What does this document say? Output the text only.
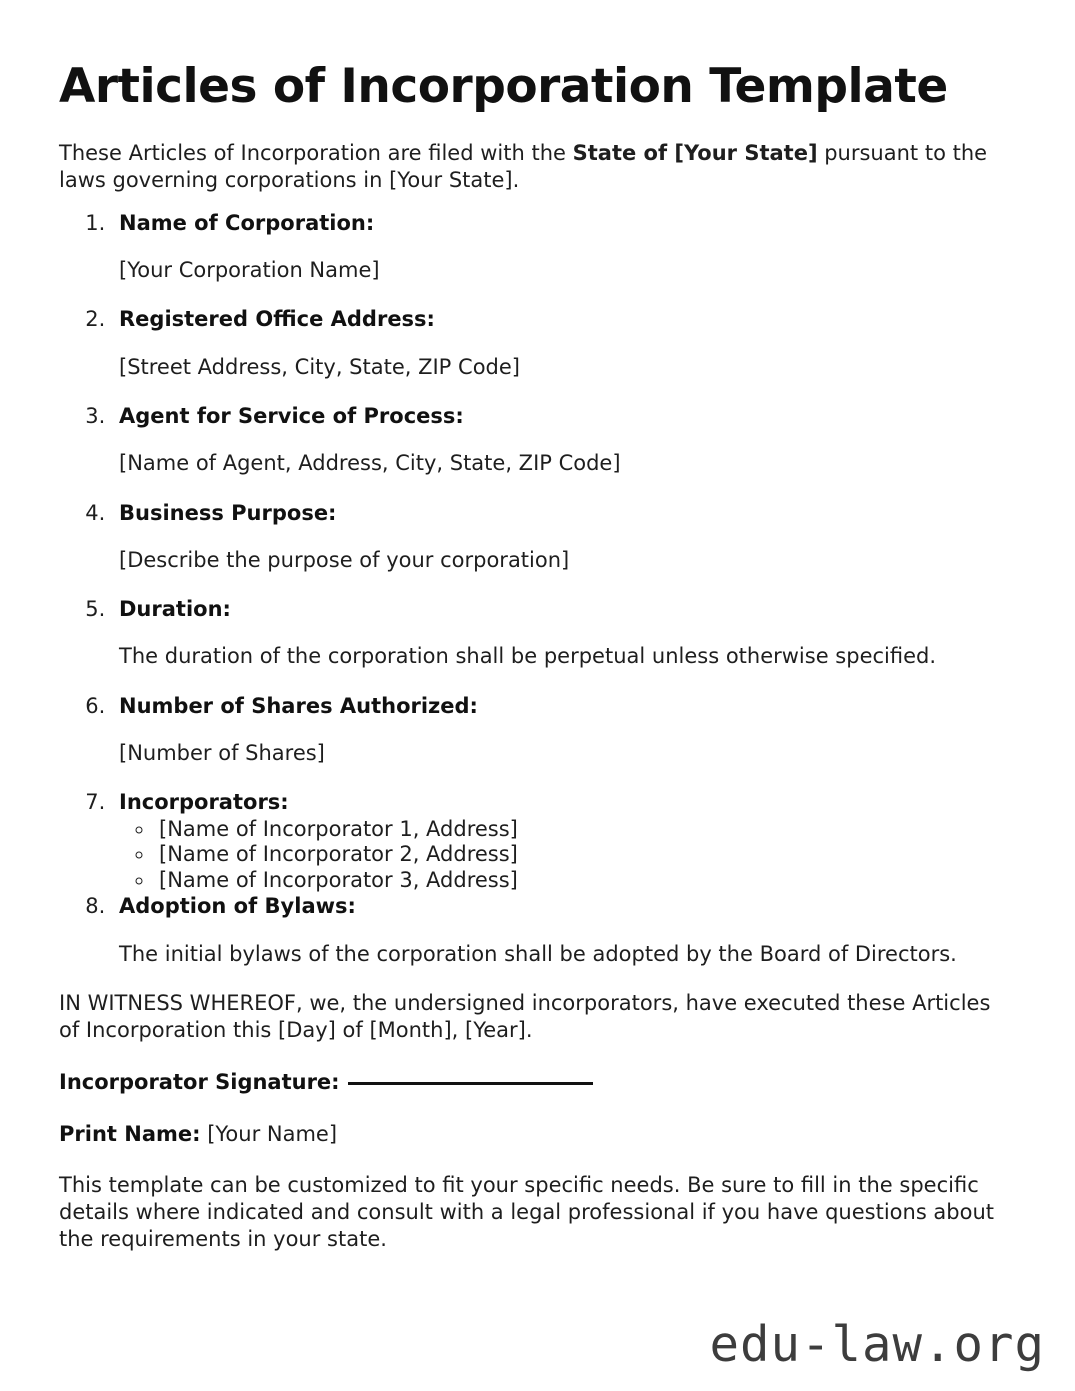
Articles of Incorporation Template

These Articles of Incorporation are filed with the State of [Your State] pursuant to the laws governing corporations in [Your State].

1. Name of Corporation:
[Your Corporation Name]
2. Registered Office Address:
[Street Address, City, State, ZIP Code]
3. Agent for Service of Process:
[Name of Agent, Address, City, State, ZIP Code]
4. Business Purpose:
[Describe the purpose of your corporation]
5. Duration:
The duration of the corporation shall be perpetual unless otherwise specified.
6. Number of Shares Authorized:
[Number of Shares]
7. Incorporators:
◦ [Name of Incorporator 1, Address]
◦ [Name of Incorporator 2, Address]
◦ [Name of Incorporator 3, Address]
8. Adoption of Bylaws:
The initial bylaws of the corporation shall be adopted by the Board of Directors.

IN WITNESS WHEREOF, we, the undersigned incorporators, have executed these Articles of Incorporation this [Day] of [Month], [Year].

Incorporator Signature:

Print Name: [Your Name]

This template can be customized to fit your specific needs. Be sure to fill in the specific details where indicated and consult with a legal professional if you have questions about the requirements in your state.

edu-law.org
